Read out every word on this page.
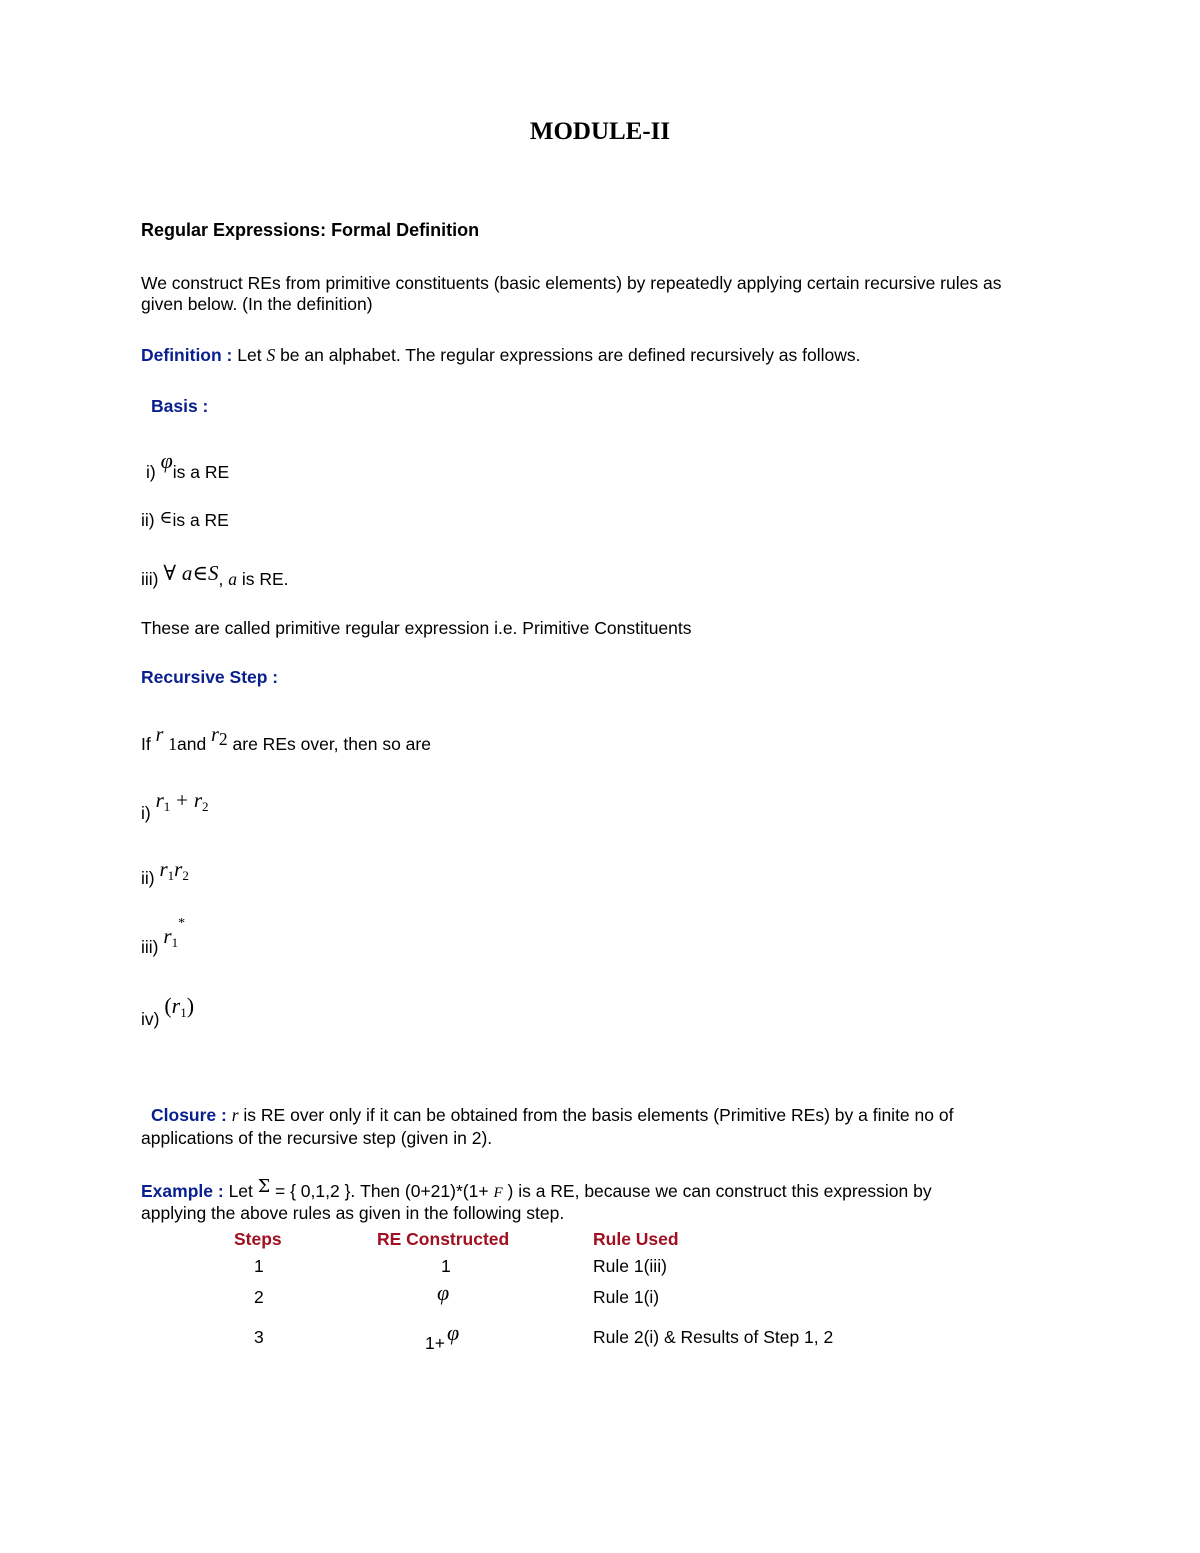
MODULE-II
Regular Expressions: Formal Definition
We construct REs from primitive constituents (basic elements) by repeatedly applying certain recursive rules as
given below. (In the definition)
Definition : Let S be an alphabet. The regular expressions are defined recursively as follows.
Basis :
i) φis a RE
ii) ∈is a RE
iii) ∀ a∈S, a is RE.
These are called primitive regular expression i.e. Primitive Constituents
Recursive Step :
If r 1and r2 are REs over, then so are
i) r1 + r2
ii) r1r2
iii) r1*
iv) (r1)
Closure : r is RE over only if it can be obtained from the basis elements (Primitive REs) by a finite no of
applications of the recursive step (given in 2).
Example : Let Σ = { 0,1,2 }. Then (0+21)*(1+ F ) is a RE, because we can construct this expression by
applying the above rules as given in the following step.
Steps	RE Constructed	Rule Used
1	1	Rule 1(iii)
2	φ	Rule 1(i)
3	1+ φ	Rule 2(i) & Results of Step 1, 2
